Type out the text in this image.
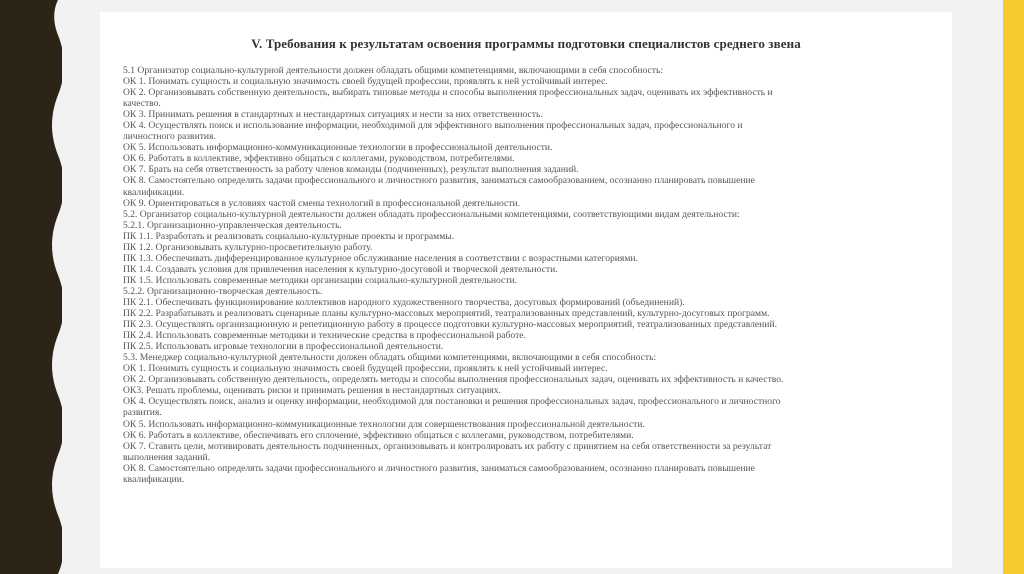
V. Требования к результатам освоения программы подготовки специалистов среднего звена
5.1 Организатор социально-культурной деятельности должен обладать общими компетенциями, включающими в себя способность:
ОК 1. Понимать сущность и социальную значимость своей будущей профессии, проявлять к ней устойчивый интерес.
ОК 2. Организовывать собственную деятельность, выбирать типовые методы и способы выполнения профессиональных задач, оценивать их эффективность и
качество.
ОК 3. Принимать решения в стандартных и нестандартных ситуациях и нести за них ответственность.
ОК 4. Осуществлять поиск и использование информации, необходимой для эффективного выполнения профессиональных задач, профессионального и
личностного развития.
ОК 5. Использовать информационно-коммуникационные технологии в профессиональной деятельности.
ОК 6. Работать в коллективе, эффективно общаться с коллегами, руководством, потребителями.
ОК 7. Брать на себя ответственность за работу членов команды (подчиненных), результат выполнения заданий.
ОК 8. Самостоятельно определять задачи профессионального и личностного развития, заниматься самообразованием, осознанно планировать повышение
квалификации.
ОК 9. Ориентироваться в условиях частой смены технологий в профессиональной деятельности.
5.2. Организатор социально-культурной деятельности должен обладать профессиональными компетенциями, соответствующими видам деятельности:
5.2.1. Организационно-управленческая деятельность.
ПК 1.1. Разработать и реализовать социально-культурные проекты и программы.
ПК 1.2. Организовывать культурно-просветительную работу.
ПК 1.3. Обеспечивать дифференцированное культурное обслуживание населения в соответствии с возрастными категориями.
ПК 1.4. Создавать условия для привлечения населения к культурно-досуговой и творческой деятельности.
ПК 1.5. Использовать современные методики организации социально-культурной деятельности.
5.2.2. Организационно-творческая деятельность.
ПК 2.1. Обеспечивать функционирование коллективов народного художественного творчества, досуговых формирований (объединений).
ПК 2.2. Разрабатывать и реализовать сценарные планы культурно-массовых мероприятий, театрализованных представлений, культурно-досуговых программ.
ПК 2.3. Осуществлять организационную и репетиционную работу в процессе подготовки культурно-массовых мероприятий, театрализованных представлений.
ПК 2.4. Использовать современные методики и технические средства в профессиональной работе.
ПК 2.5. Использовать игровые технологии в профессиональной деятельности.
5.3. Менеджер социально-культурной деятельности должен обладать общими компетенциями, включающими в себя способность:
ОК 1. Понимать сущность и социальную значимость своей будущей профессии, проявлять к ней устойчивый интерес.
ОК 2. Организовывать собственную деятельность, определять методы и способы выполнения профессиональных задач, оценивать их эффективность и качество.
ОК3. Решать проблемы, оценивать риски и принимать решения в нестандартных ситуациях.
ОК 4. Осуществлять поиск, анализ и оценку информации, необходимой для постановки и решения профессиональных задач, профессионального и личностного
развития.
ОК 5. Использовать информационно-коммуникационные технологии для совершенствования профессиональной деятельности.
ОК 6. Работать в коллективе, обеспечивать его сплочение, эффективно общаться с коллегами, руководством, потребителями.
ОК 7. Ставить цели, мотивировать деятельность подчиненных, организовывать и контролировать их работу с принятием на себя ответственности за результат
выполнения заданий.
ОК 8. Самостоятельно определять задачи профессионального и личностного развития, заниматься самообразованием, осознанно планировать повышение
квалификации.
